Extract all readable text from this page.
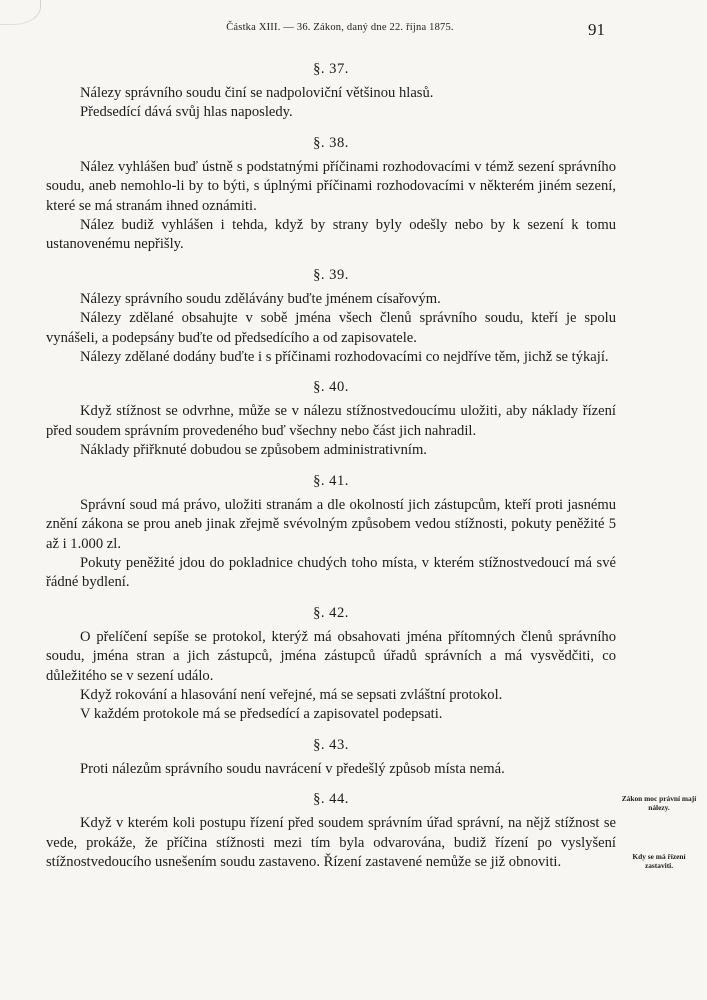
Částka XIII. — 36. Zákon, daný dne 22. října 1875.	91
§. 37.

Nálezy správního soudu činí se nadpoloviční většinou hlasů.

Předsedící dává svůj hlas naposledy.

§. 38.

Nález vyhlášen buď ústně s podstatnými příčinami rozhodovacími v témž sezení správního soudu, aneb nemohlo-li by to býti, s úplnými příčinami rozhodovacími v některém jiném sezení, které se má stranám ihned oznámiti.

Nález budiž vyhlášen i tehda, když by strany byly odešly nebo by k sezení k tomu ustanovenému nepřišly.

§. 39.

Nálezy správního soudu zdělávány buďte jménem císařovým.

Nálezy zdělané obsahujte v sobě jména všech členů správního soudu, kteří je spolu vynášeli, a podepsány buďte od předsedícího a od zapisovatele.

Nálezy zdělané dodány buďte i s příčinami rozhodovacími co nejdříve těm, jichž se týkají.

§. 40.

Když stížnost se odvrhne, může se v nálezu stížnostvedoucímu uložiti, aby náklady řízení před soudem správním provedeného buď všechny nebo část jich nahradil.

Náklady přiřknuté dobudou se způsobem administrativním.

§. 41.

Správní soud má právo, uložiti stranám a dle okolností jich zástupcům, kteří proti jasnému znění zákona se prou aneb jinak zřejmě svévolným způsobem vedou stížnosti, pokuty peněžité 5 až i 1.000 zl.

Pokuty peněžité jdou do pokladnice chudých toho místa, v kterém stížnostvedoucí má své řádné bydlení.

§. 42.

O přelíčení sepíše se protokol, kterýž má obsahovati jména přítomných členů správního soudu, jména stran a jich zástupců, jména zástupců úřadů správních a má vysvědčiti, co důležitého se v sezení událo.

Když rokování a hlasování není veřejné, má se sepsati zvláštní protokol.

V každém protokole má se předsedící a zapisovatel podepsati.

§. 43.

Proti nálezům správního soudu navrácení v předešlý způsob místa nemá.

§. 44.

Když v kterém koli postupu řízení před soudem správním úřad správní, na nějž stížnost se vede, prokáže, že příčina stížnosti mezi tím byla odvarována, budiž řízení po vyslyšení stížnostvedoucího usnešením soudu zastaveno. Řízení zastavené nemůže se již obnoviti.

Zákon moc právní mají nálezy.
Kdy se má řízení zastaviti.
